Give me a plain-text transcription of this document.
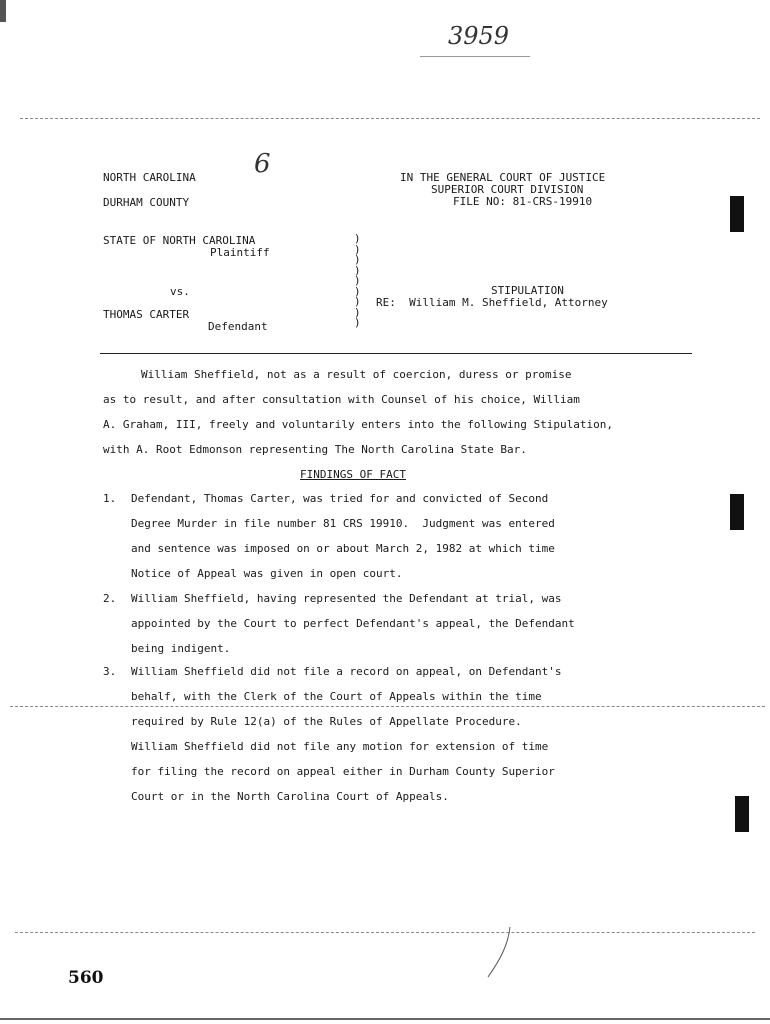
3959
6
NORTH CAROLINA
DURHAM COUNTY
IN THE GENERAL COURT OF JUSTICE
SUPERIOR COURT DIVISION
FILE NO: 81-CRS-19910
STATE OF NORTH CAROLINA
Plaintiff
vs.
THOMAS CARTER
Defendant
)
)
)
)
)
)
)
)
)
STIPULATION
RE:  William M. Sheffield, Attorney
William Sheffield, not as a result of coercion, duress or promise
as to result, and after consultation with Counsel of his choice, William
A. Graham, III, freely and voluntarily enters into the following Stipulation,
with A. Root Edmonson representing The North Carolina State Bar.
FINDINGS OF FACT
1. Defendant, Thomas Carter, was tried for and convicted of Second
Degree Murder in file number 81 CRS 19910.  Judgment was entered
and sentence was imposed on or about March 2, 1982 at which time
Notice of Appeal was given in open court.
2. William Sheffield, having represented the Defendant at trial, was
appointed by the Court to perfect Defendant's appeal, the Defendant
being indigent.
3. William Sheffield did not file a record on appeal, on Defendant's
behalf, with the Clerk of the Court of Appeals within the time
required by Rule 12(a) of the Rules of Appellate Procedure.
William Sheffield did not file any motion for extension of time
for filing the record on appeal either in Durham County Superior
Court or in the North Carolina Court of Appeals.
560
